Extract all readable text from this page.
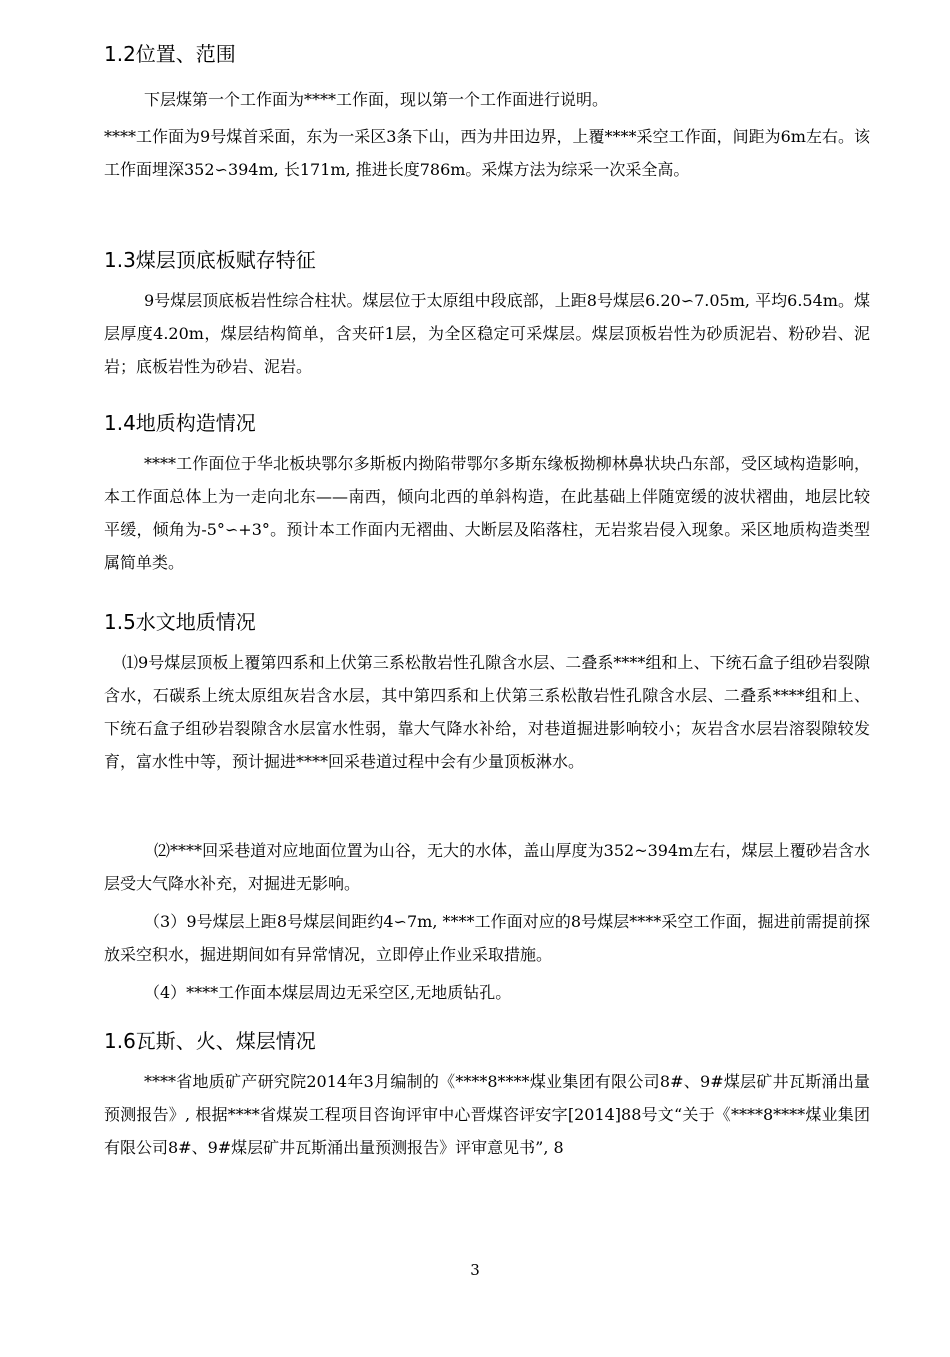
1.2位置、范围

下层煤第一个工作面为****工作面，现以第一个工作面进行说明。

****工作面为9号煤首采面，东为一采区3条下山，西为井田边界，上覆****采空工作面，间距为6m左右。该工作面埋深352∽394m, 长171m, 推进长度786m。采煤方法为综采一次采全高。

1.3煤层顶底板赋存特征

9号煤层顶底板岩性综合柱状。煤层位于太原组中段底部，上距8号煤层6.20∽7.05m, 平均6.54m。煤层厚度4.20m，煤层结构简单，含夹矸1层，为全区稳定可采煤层。煤层顶板岩性为砂质泥岩、粉砂岩、泥岩；底板岩性为砂岩、泥岩。

1.4地质构造情况

****工作面位于华北板块鄂尔多斯板内拗陷带鄂尔多斯东缘板拗柳林鼻状块凸东部，受区域构造影响，本工作面总体上为一走向北东——南西，倾向北西的单斜构造，在此基础上伴随宽缓的波状褶曲，地层比较平缓，倾角为-5°∽+3°。预计本工作面内无褶曲、大断层及陷落柱，无岩浆岩侵入现象。采区地质构造类型属简单类。

1.5水文地质情况

⑴9号煤层顶板上覆第四系和上伏第三系松散岩性孔隙含水层、二叠系****组和上、下统石盒子组砂岩裂隙含水，石碳系上统太原组灰岩含水层，其中第四系和上伏第三系松散岩性孔隙含水层、二叠系****组和上、下统石盒子组砂岩裂隙含水层富水性弱，靠大气降水补给，对巷道掘进影响较小；灰岩含水层岩溶裂隙较发育，富水性中等，预计掘进****回采巷道过程中会有少量顶板淋水。

⑵****回采巷道对应地面位置为山谷，无大的水体，盖山厚度为352~394m左右，煤层上覆砂岩含水层受大气降水补充，对掘进无影响。

（3）9号煤层上距8号煤层间距约4∽7m, ****工作面对应的8号煤层****采空工作面，掘进前需提前探放采空积水，掘进期间如有异常情况，立即停止作业采取措施。

（4）****工作面本煤层周边无采空区,无地质钻孔。

1.6瓦斯、火、煤层情况

****省地质矿产研究院2014年3月编制的《****8****煤业集团有限公司8#、9#煤层矿井瓦斯涌出量预测报告》, 根据****省煤炭工程项目咨询评审中心晋煤咨评安字[2014]88号文“关于《****8****煤业集团有限公司8#、9#煤层矿井瓦斯涌出量预测报告》评审意见书”, 8

3
